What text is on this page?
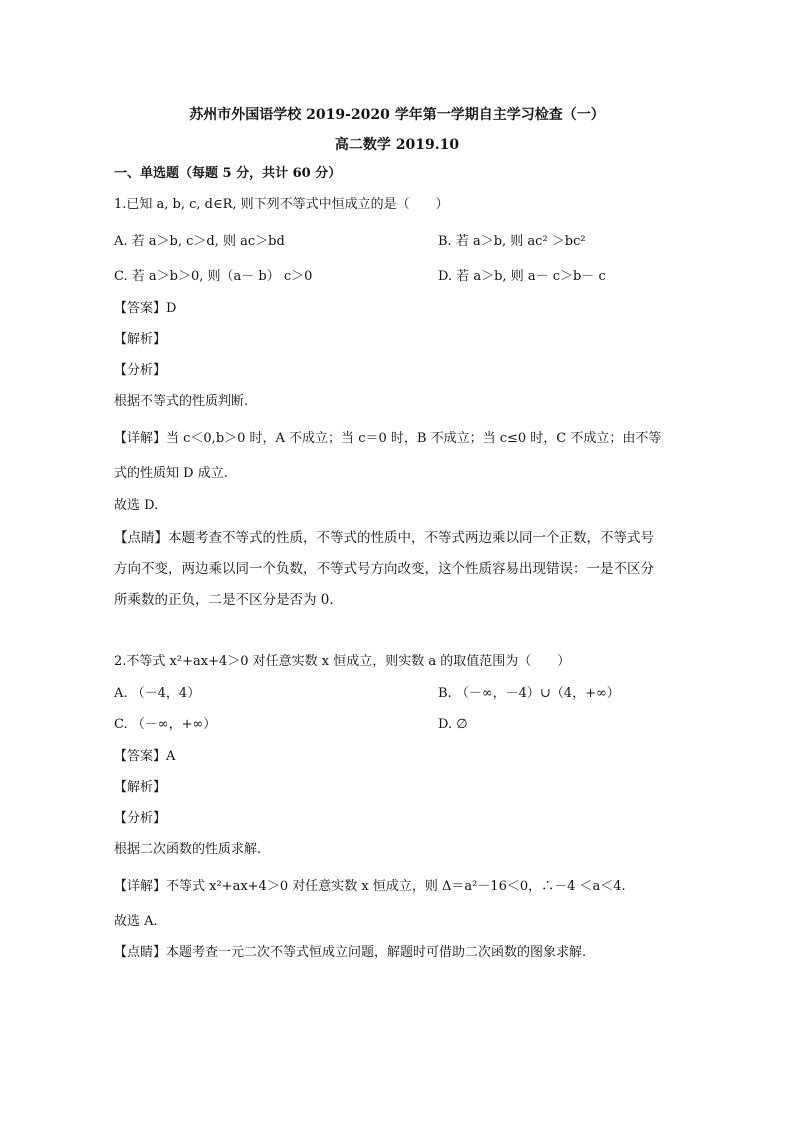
苏州市外国语学校 2019-2020 学年第一学期自主学习检查（一）
高二数学 2019.10
一、单选题（每题 5 分，共计 60 分）
1.已知 a, b, c, d∈R, 则下列不等式中恒成立的是（　　）
A. 若 a＞b, c＞d, 则 ac＞bd	B. 若 a＞b, 则 ac² ＞bc²
C. 若 a＞b＞0, 则（a－ b） c＞0	D. 若 a＞b, 则 a－ c＞b－ c
【答案】D
【解析】
【分析】
根据不等式的性质判断.
【详解】当 c＜0,b＞0 时，A 不成立；当 c＝0 时，B 不成立；当 c≤0 时，C 不成立；由不等
式的性质知 D 成立.
故选 D.
【点睛】本题考查不等式的性质，不等式的性质中，不等式两边乘以同一个正数，不等式号
方向不变，两边乘以同一个负数，不等式号方向改变，这个性质容易出现错误：一是不区分
所乘数的正负，二是不区分是否为 0.
2.不等式 x²+ax+4＞0 对任意实数 x 恒成立，则实数 a 的取值范围为（　　）
A. （－4，4）	B. （－∞，－4）∪（4，+∞）
C. （－∞，+∞）	D. ∅
【答案】A
【解析】
【分析】
根据二次函数的性质求解.
【详解】不等式 x²+ax+4＞0 对任意实数 x 恒成立，则 Δ＝a²－16＜0，∴－4 ＜a＜4.
故选 A.
【点睛】本题考查一元二次不等式恒成立问题，解题时可借助二次函数的图象求解.
